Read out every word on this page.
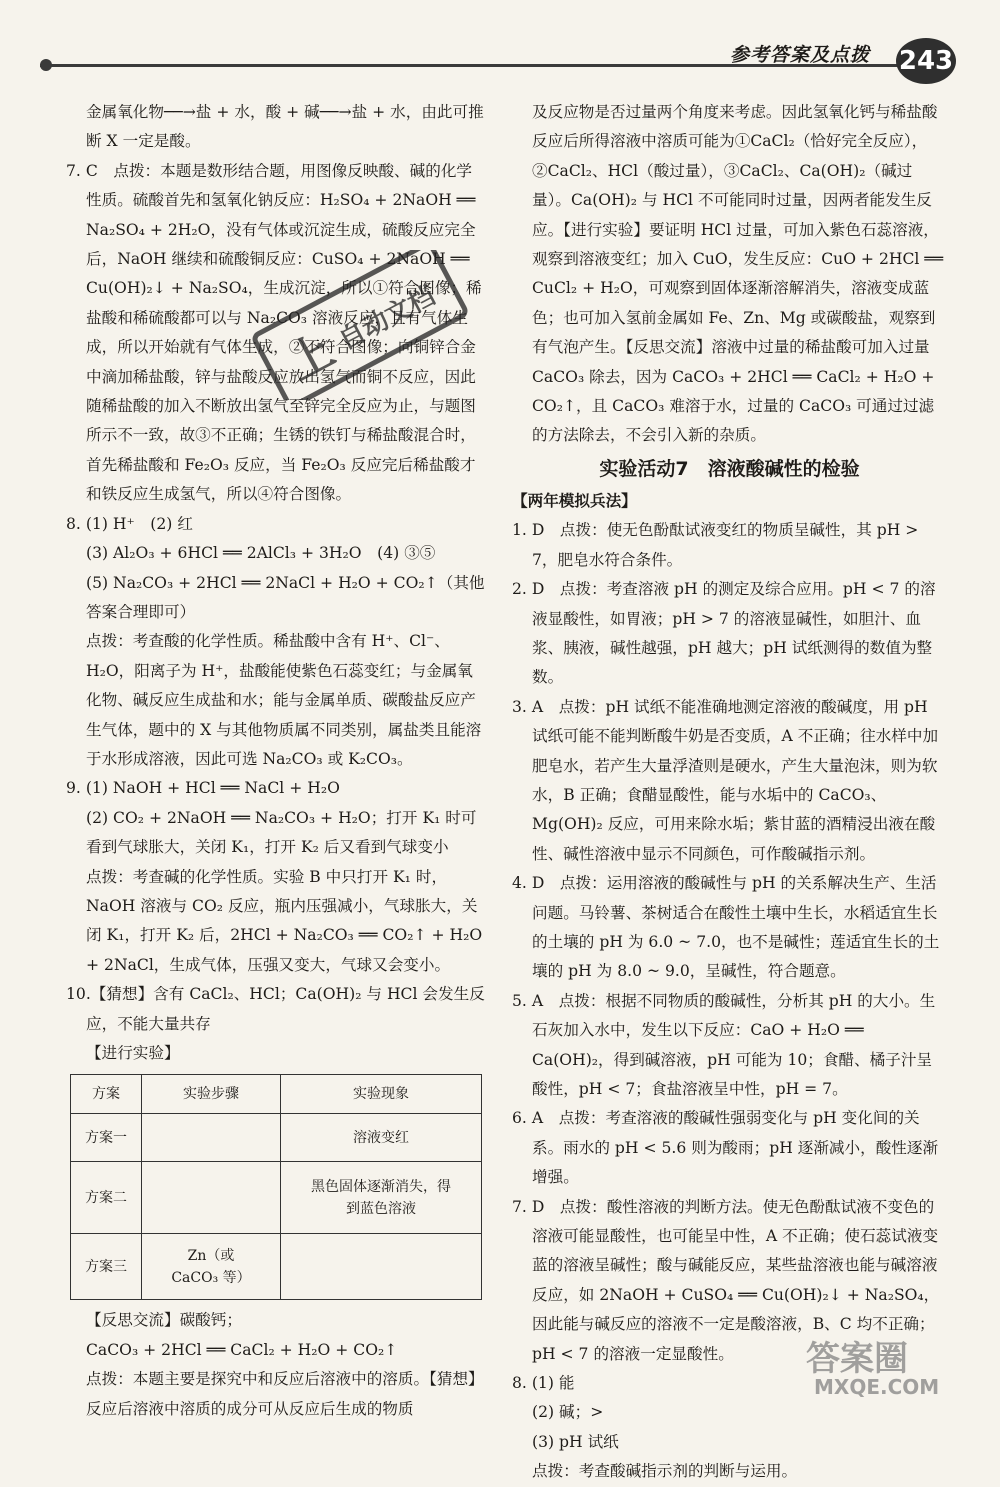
参考答案及点拨 243

金属氧化物──→盐 + 水，酸 + 碱──→盐 + 水，由此可推断 X 一定是酸。

7. C　点拨：本题是数形结合题，用图像反映酸、碱的化学性质。硫酸首先和氢氧化钠反应：H₂SO₄ + 2NaOH ══ Na₂SO₄ + 2H₂O，没有气体或沉淀生成，硫酸反应完全后，NaOH 继续和硫酸铜反应：CuSO₄ + 2NaOH ══ Cu(OH)₂↓ + Na₂SO₄，生成沉淀，所以①符合图像；稀盐酸和稀硫酸都可以与 Na₂CO₃ 溶液反应，且有气体生成，所以开始就有气体生成，②不符合图像；向铜锌合金中滴加稀盐酸，锌与盐酸反应放出氢气而铜不反应，因此随稀盐酸的加入不断放出氢气至锌完全反应为止，与题图所示不一致，故③不正确；生锈的铁钉与稀盐酸混合时，首先稀盐酸和 Fe₂O₃ 反应，当 Fe₂O₃ 反应完后稀盐酸才和铁反应生成氢气，所以④符合图像。

8. (1) H⁺　(2) 红

(3) Al₂O₃ + 6HCl ══ 2AlCl₃ + 3H₂O　(4) ③⑤

(5) Na₂CO₃ + 2HCl ══ 2NaCl + H₂O + CO₂↑（其他答案合理即可）

点拨：考查酸的化学性质。稀盐酸中含有 H⁺、Cl⁻、H₂O，阳离子为 H⁺，盐酸能使紫色石蕊变红；与金属氧化物、碱反应生成盐和水；能与金属单质、碳酸盐反应产生气体，题中的 X 与其他物质属不同类别，属盐类且能溶于水形成溶液，因此可选 Na₂CO₃ 或 K₂CO₃。

9. (1) NaOH + HCl ══ NaCl + H₂O

(2) CO₂ + 2NaOH ══ Na₂CO₃ + H₂O；打开 K₁ 时可看到气球胀大，关闭 K₁，打开 K₂ 后又看到气球变小

点拨：考查碱的化学性质。实验 B 中只打开 K₁ 时，NaOH 溶液与 CO₂ 反应，瓶内压强减小，气球胀大，关闭 K₁，打开 K₂ 后，2HCl + Na₂CO₃ ══ CO₂↑ + H₂O + 2NaCl，生成气体，压强又变大，气球又会变小。

10.【猜想】含有 CaCl₂、HCl；Ca(OH)₂ 与 HCl 会发生反应，不能大量共存

【进行实验】

方案	实验步骤	实验现象
方案一		溶液变红
方案二		黑色固体逐渐消失，得到蓝色溶液
方案三	Zn（或 CaCO₃ 等）	

【反思交流】碳酸钙；

CaCO₃ + 2HCl ══ CaCl₂ + H₂O + CO₂↑

点拨：本题主要是探究中和反应后溶液中的溶质。【猜想】反应后溶液中溶质的成分可从反应后生成的物质

及反应物是否过量两个角度来考虑。因此氢氧化钙与稀盐酸反应后所得溶液中溶质可能为①CaCl₂（恰好完全反应），②CaCl₂、HCl（酸过量），③CaCl₂、Ca(OH)₂（碱过量）。Ca(OH)₂ 与 HCl 不可能同时过量，因两者能发生反应。【进行实验】要证明 HCl 过量，可加入紫色石蕊溶液，观察到溶液变红；加入 CuO，发生反应：CuO + 2HCl ══ CuCl₂ + H₂O，可观察到固体逐渐溶解消失，溶液变成蓝色；也可加入氢前金属如 Fe、Zn、Mg 或碳酸盐，观察到有气泡产生。【反思交流】溶液中过量的稀盐酸可加入过量 CaCO₃ 除去，因为 CaCO₃ + 2HCl ══ CaCl₂ + H₂O + CO₂↑，且 CaCO₃ 难溶于水，过量的 CaCO₃ 可通过过滤的方法除去，不会引入新的杂质。

实验活动7　溶液酸碱性的检验
【两年模拟兵法】

1. D　点拨：使无色酚酞试液变红的物质呈碱性，其 pH > 7，肥皂水符合条件。

2. D　点拨：考查溶液 pH 的测定及综合应用。pH < 7 的溶液显酸性，如胃液；pH > 7 的溶液显碱性，如胆汁、血浆、胰液，碱性越强，pH 越大；pH 试纸测得的数值为整数。

3. A　点拨：pH 试纸不能准确地测定溶液的酸碱度，用 pH 试纸可能不能判断酸牛奶是否变质，A 不正确；往水样中加肥皂水，若产生大量浮渣则是硬水，产生大量泡沫，则为软水，B 正确；食醋显酸性，能与水垢中的 CaCO₃、Mg(OH)₂ 反应，可用来除水垢；紫甘蓝的酒精浸出液在酸性、碱性溶液中显示不同颜色，可作酸碱指示剂。

4. D　点拨：运用溶液的酸碱性与 pH 的关系解决生产、生活问题。马铃薯、茶树适合在酸性土壤中生长，水稻适宜生长的土壤的 pH 为 6.0 ~ 7.0，也不是碱性；莲适宜生长的土壤的 pH 为 8.0 ~ 9.0，呈碱性，符合题意。

5. A　点拨：根据不同物质的酸碱性，分析其 pH 的大小。生石灰加入水中，发生以下反应：CaO + H₂O ══ Ca(OH)₂，得到碱溶液，pH 可能为 10；食醋、橘子汁呈酸性，pH < 7；食盐溶液呈中性，pH = 7。

6. A　点拨：考查溶液的酸碱性强弱变化与 pH 变化间的关系。雨水的 pH < 5.6 则为酸雨；pH 逐渐减小，酸性逐渐增强。

7. D　点拨：酸性溶液的判断方法。使无色酚酞试液不变色的溶液可能显酸性，也可能呈中性，A 不正确；使石蕊试液变蓝的溶液呈碱性；酸与碱能反应，某些盐溶液也能与碱溶液反应，如 2NaOH + CuSO₄ ══ Cu(OH)₂↓ + Na₂SO₄，因此能与碱反应的溶液不一定是酸溶液，B、C 均不正确；pH < 7 的溶液一定显酸性。

8. (1) 能

(2) 碱；>

(3) pH 试纸

点拨：考查酸碱指示剂的判断与运用。

上
自动文档
答案圈
MXQE.COM
